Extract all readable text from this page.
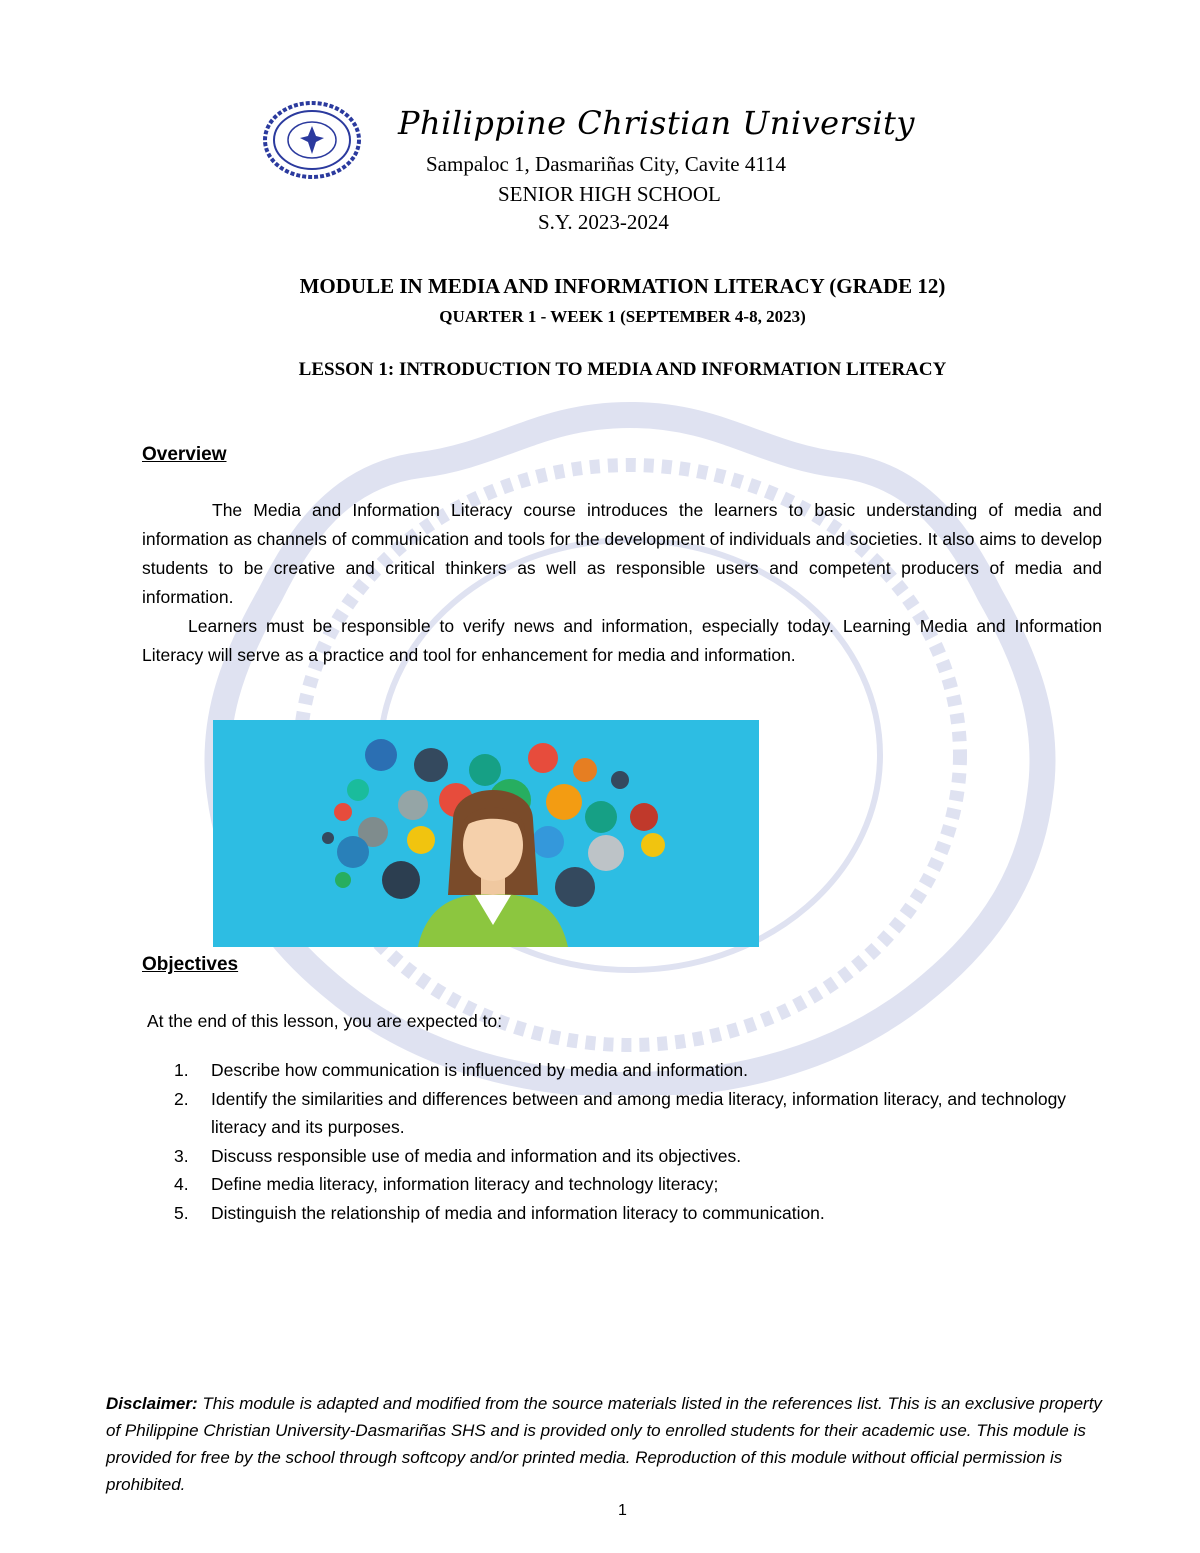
Philippine Christian University
Sampaloc 1, Dasmariñas City, Cavite 4114
SENIOR HIGH SCHOOL
S.Y. 2023-2024
MODULE IN MEDIA AND INFORMATION LITERACY (GRADE 12)
QUARTER 1 - WEEK 1 (SEPTEMBER 4-8, 2023)
LESSON 1: INTRODUCTION TO MEDIA AND INFORMATION LITERACY
Overview

The Media and Information Literacy course introduces the learners to basic understanding of media and information as channels of communication and tools for the development of individuals and societies. It also aims to develop students to be creative and critical thinkers as well as responsible users and competent producers of media and information.

Learners must be responsible to verify news and information, especially today. Learning Media and Information Literacy will serve as a practice and tool for enhancement for media and information.

Objectives
At the end of this lesson, you are expected to:
1. Describe how communication is influenced by media and information.
2. Identify the similarities and differences between and among media literacy, information literacy, and technology literacy and its purposes.
3. Discuss responsible use of media and information and its objectives.
4. Define media literacy, information literacy and technology literacy;
5. Distinguish the relationship of media and information literacy to communication.
Disclaimer: This module is adapted and modified from the source materials listed in the references list. This is an exclusive property of Philippine Christian University-Dasmariñas SHS and is provided only to enrolled students for their academic use. This module is provided for free by the school through softcopy and/or printed media. Reproduction of this module without official permission is prohibited.
1
